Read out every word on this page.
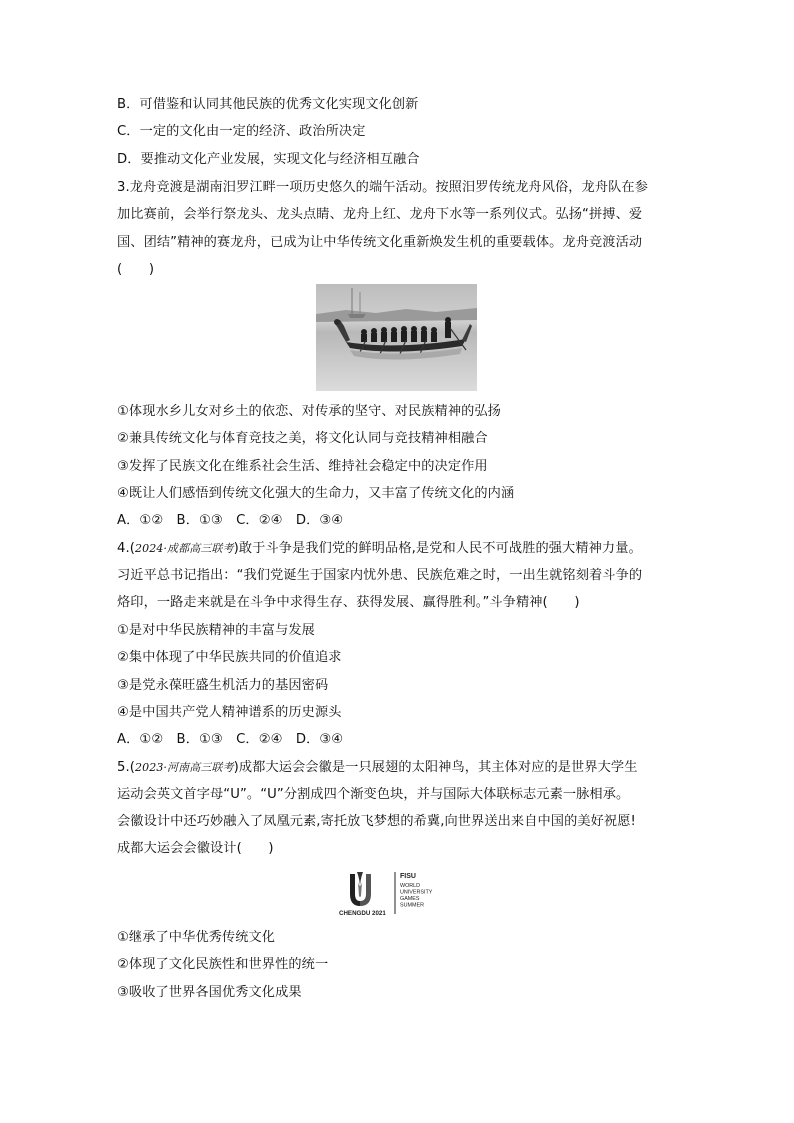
B．可借鉴和认同其他民族的优秀文化实现文化创新
C．一定的文化由一定的经济、政治所决定
D．要推动文化产业发展，实现文化与经济相互融合
3.龙舟竞渡是湖南汨罗江畔一项历史悠久的端午活动。按照汨罗传统龙舟风俗，龙舟队在参
加比赛前，会举行祭龙头、龙头点睛、龙舟上红、龙舟下水等一系列仪式。弘扬“拼搏、爱
国、团结”精神的赛龙舟，已成为让中华传统文化重新焕发生机的重要载体。龙舟竞渡活动
(　　)
①体现水乡儿女对乡土的依恋、对传承的坚守、对民族精神的弘扬
②兼具传统文化与体育竞技之美，将文化认同与竞技精神相融合
③发挥了民族文化在维系社会生活、维持社会稳定中的决定作用
④既让人们感悟到传统文化强大的生命力，又丰富了传统文化的内涵
A．①②　B．①③　C．②④　D．③④
4.(2024·成都高三联考)敢于斗争是我们党的鲜明品格,是党和人民不可战胜的强大精神力量。
习近平总书记指出：“我们党诞生于国家内忧外患、民族危难之时，一出生就铭刻着斗争的
烙印，一路走来就是在斗争中求得生存、获得发展、赢得胜利。”斗争精神(　　)
①是对中华民族精神的丰富与发展
②集中体现了中华民族共同的价值追求
③是党永葆旺盛生机活力的基因密码
④是中国共产党人精神谱系的历史源头
A．①②　B．①③　C．②④　D．③④
5.(2023·河南高三联考)成都大运会会徽是一只展翅的太阳神鸟，其主体对应的是世界大学生
运动会英文首字母“U”。“U”分割成四个渐变色块，并与国际大体联标志元素一脉相承。
会徽设计中还巧妙融入了凤凰元素,寄托放飞梦想的希冀,向世界送出来自中国的美好祝愿!
成都大运会会徽设计(　　)
CHENGDU 2021
FISU
WORLD
UNIVERSITY
GAMES
SUMMER
①继承了中华优秀传统文化
②体现了文化民族性和世界性的统一
③吸收了世界各国优秀文化成果
